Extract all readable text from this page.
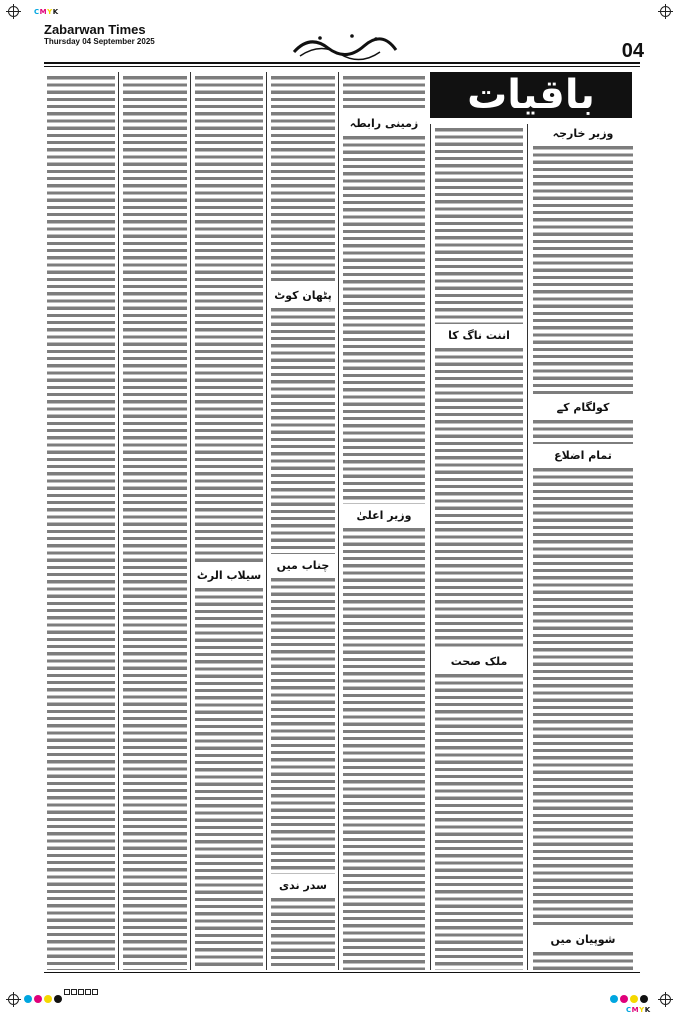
CMYK
CMYK
Zabarwan Times
Thursday 04 September 2025	04
باقیات
وزیر خارجہ
کولگام کے
تمام اضلاع
شوپیان میں
اننت ناگ کا
ملک صحت
زمینی رابطہ
وزیر اعلیٰ
پٹھان کوٹ
چناب میں
سدر ندی
سیلاب الرٹ
